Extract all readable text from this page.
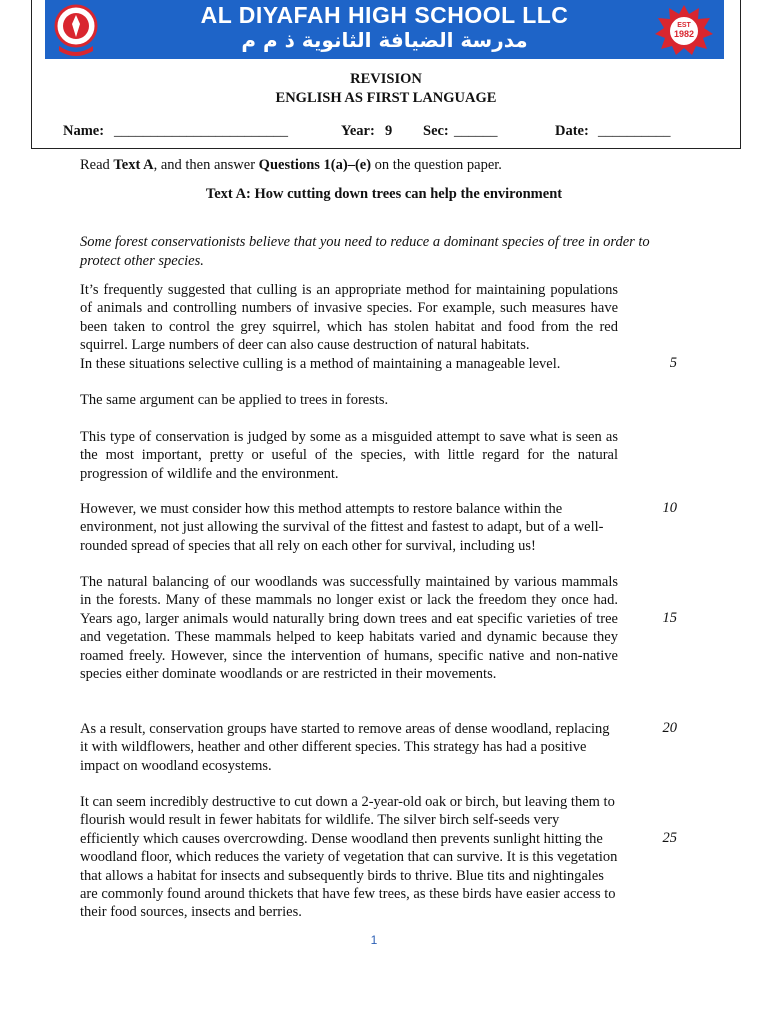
AL DIYAFAH HIGH SCHOOL LLC
مدرسة الضيافة الثانوية ذ م م
EST
1982
REVISION
ENGLISH AS FIRST LANGUAGE
Name: ________________________	Year: 9 Sec: ______	Date: __________
Read Text A, and then answer Questions 1(a)–(e) on the question paper.
Text A: How cutting down trees can help the environment
Some forest conservationists believe that you need to reduce a dominant species of tree in order to protect other species.
It’s frequently suggested that culling is an appropriate method for maintaining populations of animals and controlling numbers of invasive species. For example, such measures have been taken to control the grey squirrel, which has stolen habitat and food from the red squirrel. Large numbers of deer can also cause destruction of natural habitats.
In these situations selective culling is a method of maintaining a manageable level.	5
The same argument can be applied to trees in forests.
This type of conservation is judged by some as a misguided attempt to save what is seen as the most important, pretty or useful of the species, with little regard for the natural progression of wildlife and the environment.
However, we must consider how this method attempts to restore balance within the environment, not just allowing the survival of the fittest and fastest to adapt, but of a well-rounded spread of species that all rely on each other for survival, including us!
10
The natural balancing of our woodlands was successfully maintained by various mammals in the forests. Many of these mammals no longer exist or lack the freedom they once had. Years ago, larger animals would naturally bring down trees and eat specific varieties of tree and vegetation. These mammals helped to keep habitats varied and dynamic because they roamed freely. However, since the intervention of humans, specific native and non-native species either dominate woodlands or are restricted in their movements.
15
As a result, conservation groups have started to remove areas of dense woodland, replacing it with wildflowers, heather and other different species. This strategy has had a positive impact on woodland ecosystems.
20
It can seem incredibly destructive to cut down a 2-year-old oak or birch, but leaving them to flourish would result in fewer habitats for wildlife. The silver birch self-seeds very efficiently which causes overcrowding. Dense woodland then prevents sunlight hitting the woodland floor, which reduces the variety of vegetation that can survive. It is this vegetation that allows a habitat for insects and subsequently birds to thrive. Blue tits and nightingales are commonly found around thickets that have few trees, as these birds have easier access to their food sources, insects and berries.
25
1
